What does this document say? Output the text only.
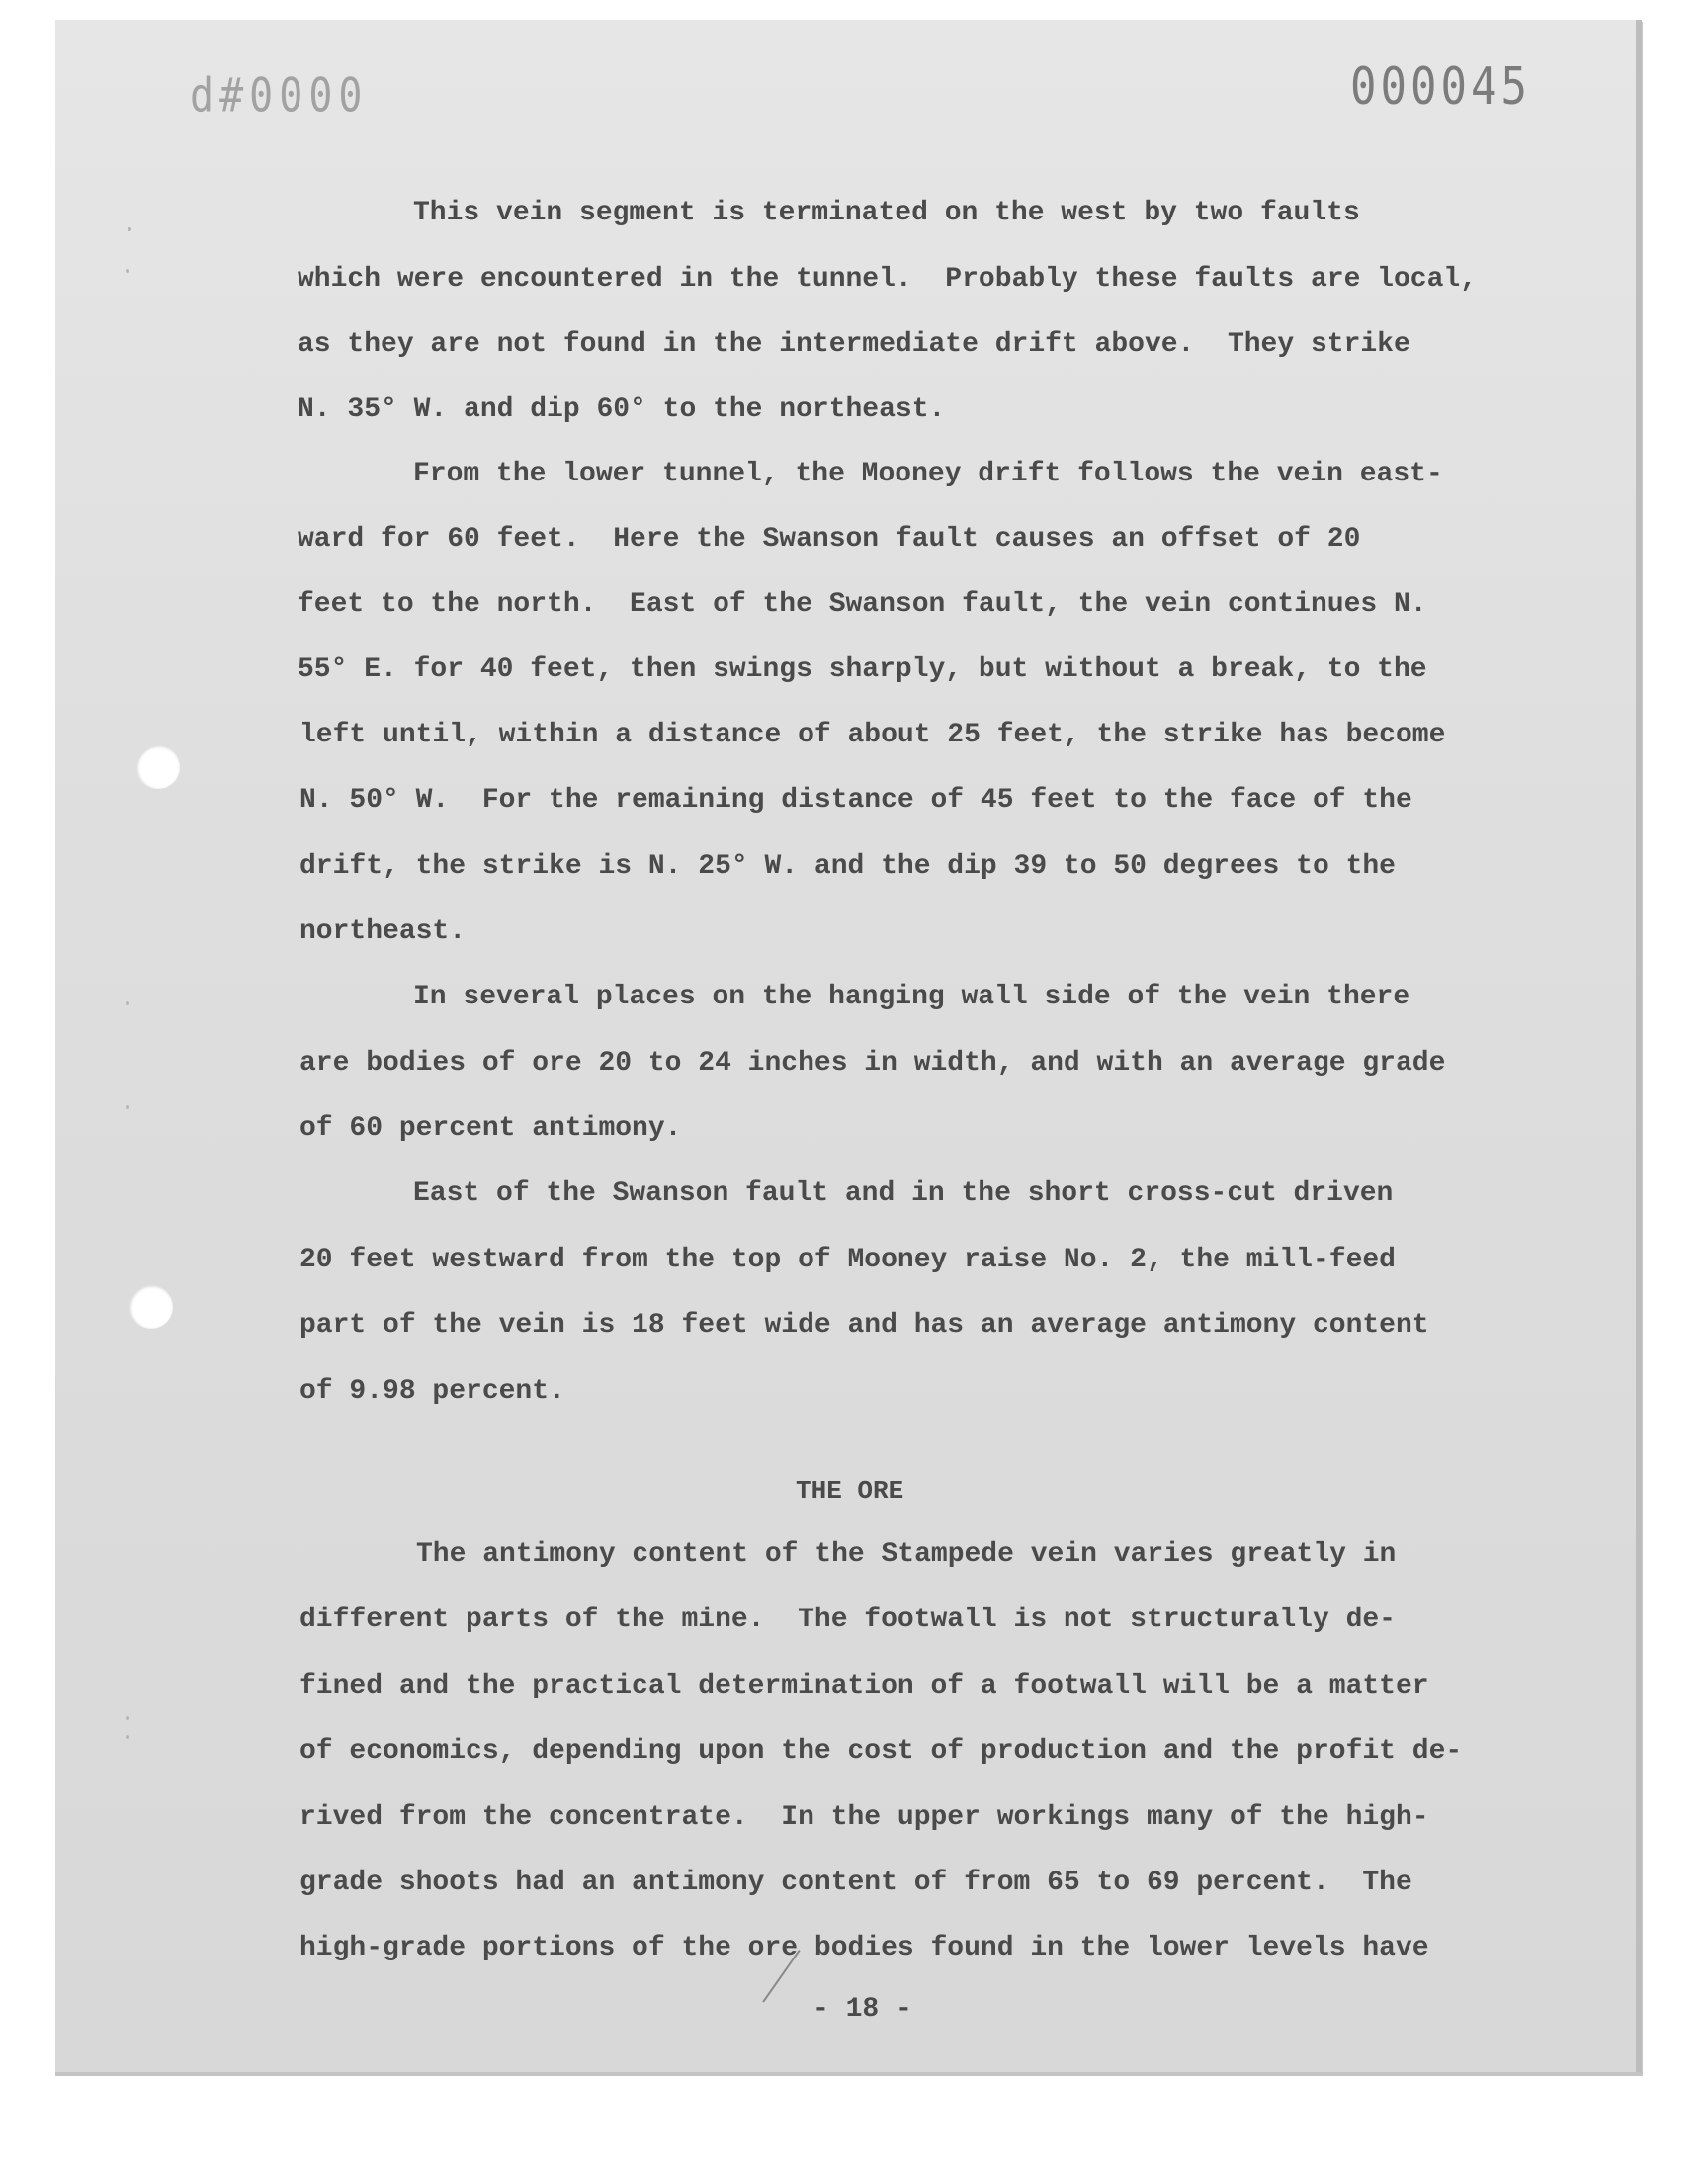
d#0000	000045
This vein segment is terminated on the west by two faults
which were encountered in the tunnel.  Probably these faults are local,
as they are not found in the intermediate drift above.  They strike
N. 35° W. and dip 60° to the northeast.
From the lower tunnel, the Mooney drift follows the vein east-
ward for 60 feet.  Here the Swanson fault causes an offset of 20
feet to the north.  East of the Swanson fault, the vein continues N.
55° E. for 40 feet, then swings sharply, but without a break, to the
left until, within a distance of about 25 feet, the strike has become
N. 50° W.  For the remaining distance of 45 feet to the face of the
drift, the strike is N. 25° W. and the dip 39 to 50 degrees to the
northeast.
In several places on the hanging wall side of the vein there
are bodies of ore 20 to 24 inches in width, and with an average grade
of 60 percent antimony.
East of the Swanson fault and in the short cross-cut driven
20 feet westward from the top of Mooney raise No. 2, the mill-feed
part of the vein is 18 feet wide and has an average antimony content
of 9.98 percent.
THE ORE
The antimony content of the Stampede vein varies greatly in
different parts of the mine.  The footwall is not structurally de-
fined and the practical determination of a footwall will be a matter
of economics, depending upon the cost of production and the profit de-
rived from the concentrate.  In the upper workings many of the high-
grade shoots had an antimony content of from 65 to 69 percent.  The
high-grade portions of the ore bodies found in the lower levels have
- 18 -
